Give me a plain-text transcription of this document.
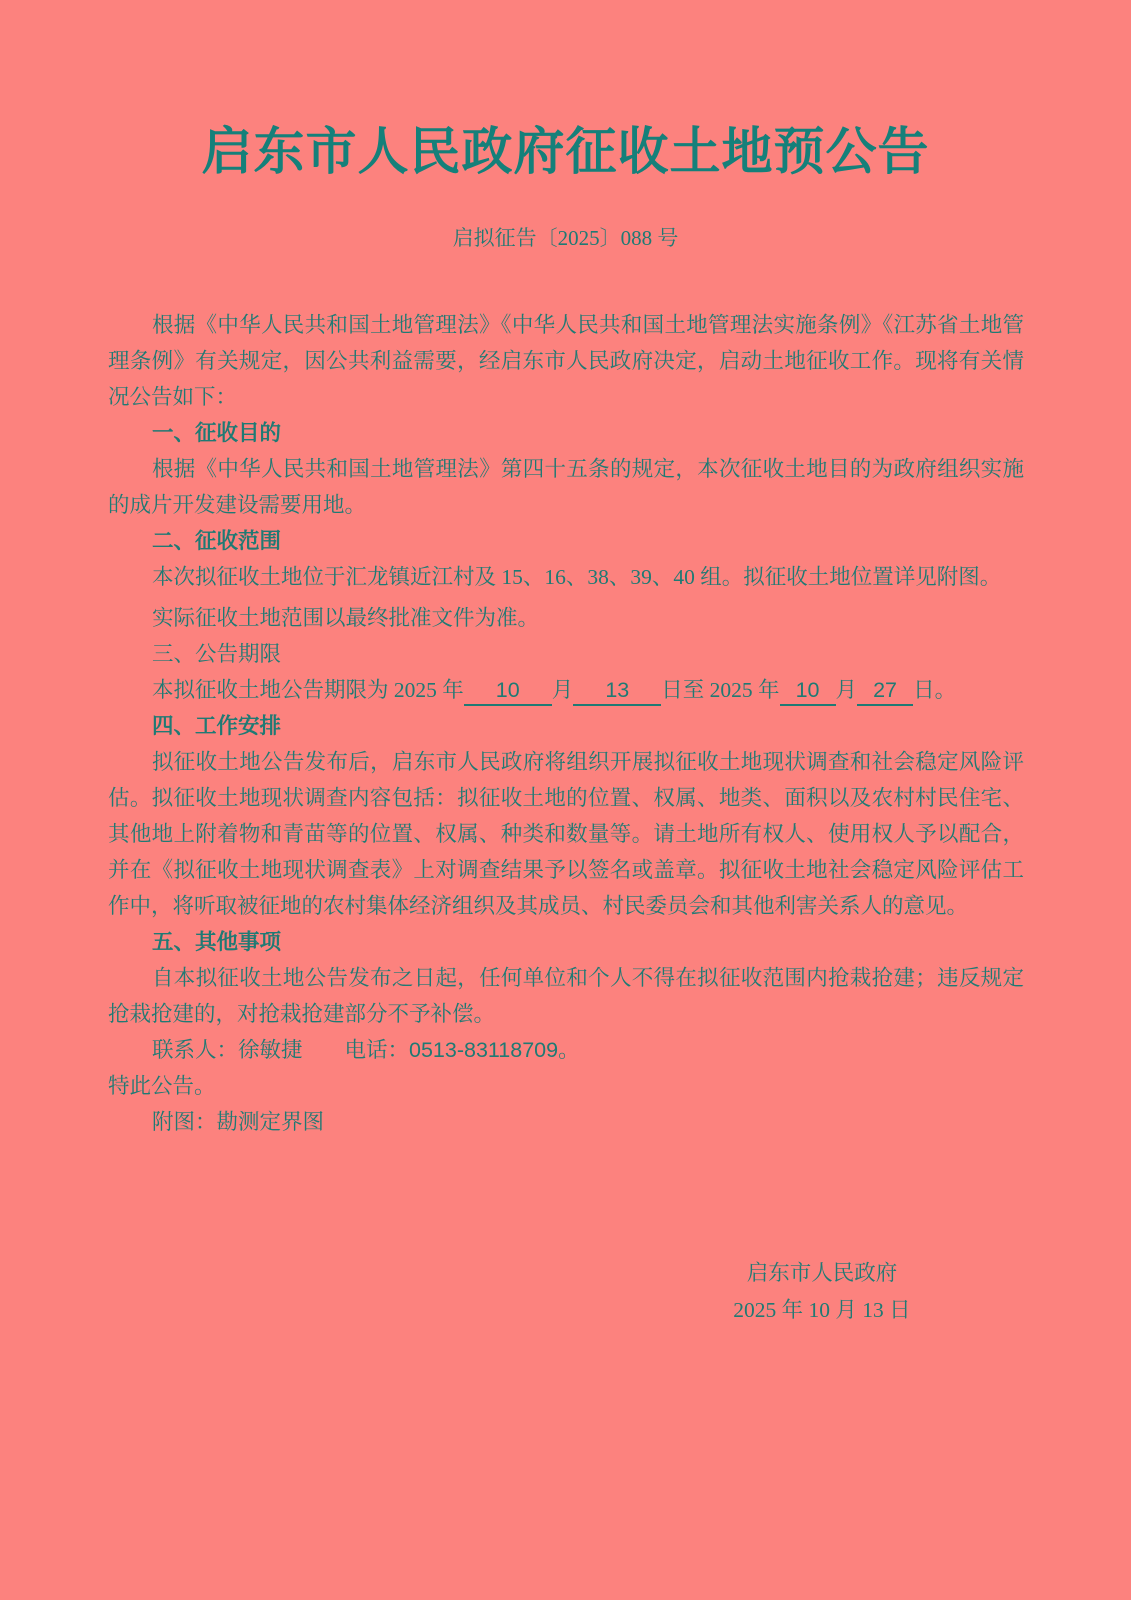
启东市人民政府征收土地预公告
启拟征告〔2025〕088 号

根据《中华人民共和国土地管理法》《中华人民共和国土地管理法实施条例》《江苏省土地管理条例》有关规定，因公共利益需要，经启东市人民政府决定，启动土地征收工作。现将有关情况公告如下：

一、征收目的

根据《中华人民共和国土地管理法》第四十五条的规定，本次征收土地目的为政府组织实施的成片开发建设需要用地。

二、征收范围

本次拟征收土地位于汇龙镇近江村及 15、16、38、39、40 组。拟征收土地位置详见附图。

实际征收土地范围以最终批准文件为准。

三、公告期限

本拟征收土地公告期限为 2025 年 10 月 13 日至 2025 年 10 月 27 日。

四、工作安排

拟征收土地公告发布后，启东市人民政府将组织开展拟征收土地现状调查和社会稳定风险评估。拟征收土地现状调查内容包括：拟征收土地的位置、权属、地类、面积以及农村村民住宅、其他地上附着物和青苗等的位置、权属、种类和数量等。请土地所有权人、使用权人予以配合，并在《拟征收土地现状调查表》上对调查结果予以签名或盖章。拟征收土地社会稳定风险评估工作中，将听取被征地的农村集体经济组织及其成员、村民委员会和其他利害关系人的意见。

五、其他事项

自本拟征收土地公告发布之日起，任何单位和个人不得在拟征收范围内抢栽抢建；违反规定抢栽抢建的，对抢栽抢建部分不予补偿。

联系人：徐敏捷 电话：0513-83118709。

特此公告。

附图：勘测定界图

启东市人民政府
2025 年 10 月 13 日
